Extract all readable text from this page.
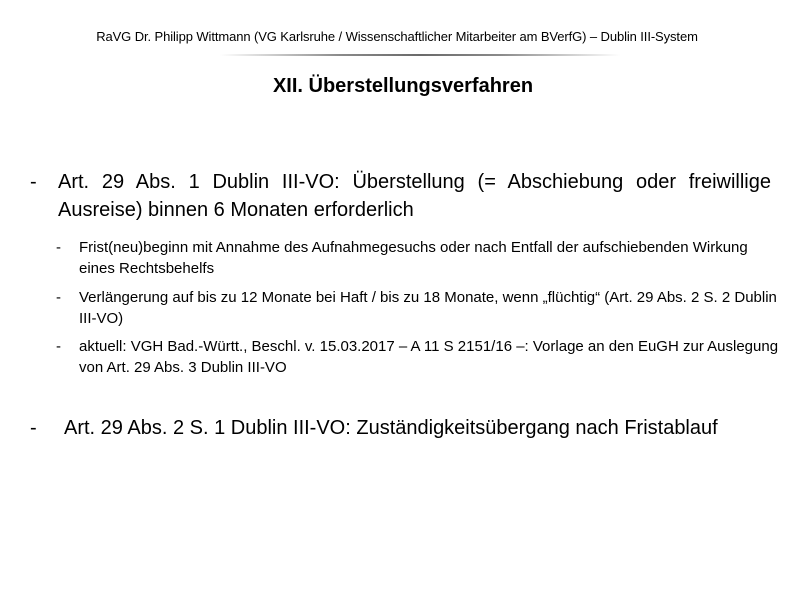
RaVG Dr. Philipp Wittmann (VG Karlsruhe / Wissenschaftlicher Mitarbeiter am BVerfG) – Dublin III-System
XII. Überstellungsverfahren
- Art. 29 Abs. 1 Dublin III-VO: Überstellung (= Abschiebung oder freiwillige Ausreise) binnen 6 Monaten erforderlich
- Frist(neu)beginn mit Annahme des Aufnahmegesuchs oder nach Entfall der aufschiebenden Wirkung eines Rechtsbehelfs
- Verlängerung auf bis zu 12 Monate bei Haft / bis zu 18 Monate, wenn „flüchtig“ (Art. 29 Abs. 2 S. 2 Dublin III-VO)
- aktuell: VGH Bad.-Württ., Beschl. v. 15.03.2017 – A 11 S 2151/16 –: Vorlage an den EuGH zur Auslegung von Art. 29 Abs. 3 Dublin III-VO
- Art. 29 Abs. 2 S. 1 Dublin III-VO: Zuständigkeitsübergang nach Fristablauf
